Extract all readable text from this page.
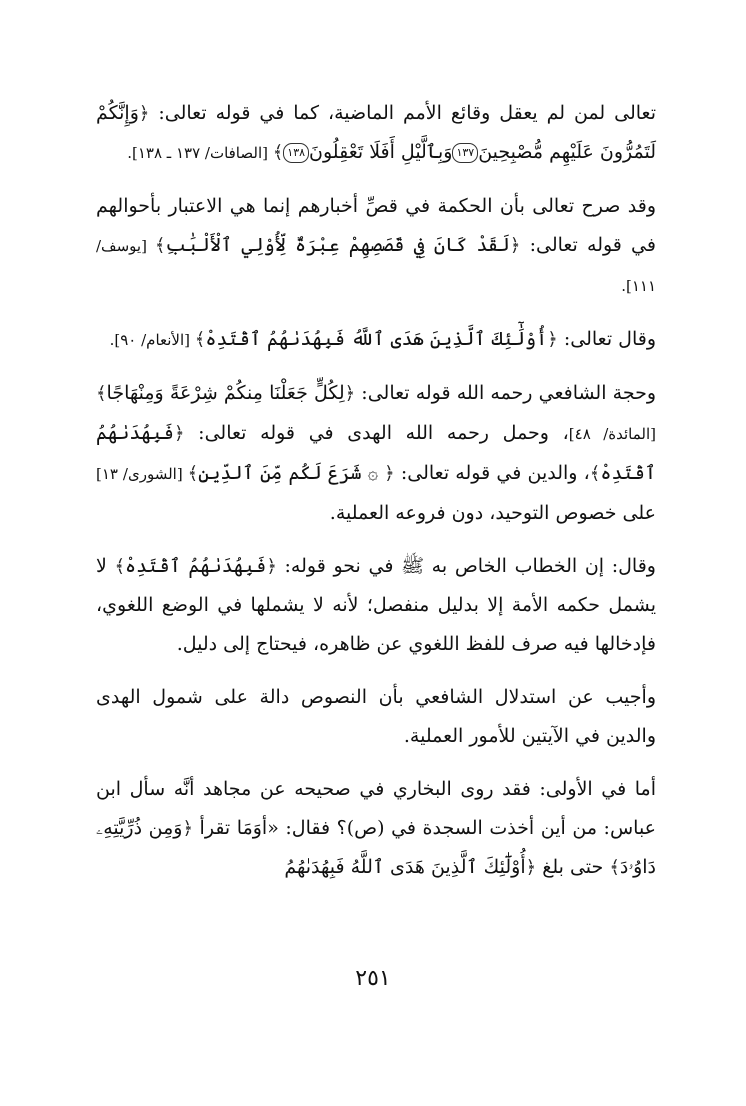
تعالى لمن لم يعقل وقائع الأمم الماضية، كما في قوله تعالى: ﴿وَإِنَّكُمْ لَتَمُرُّونَ عَلَيْهِم مُّصْبِحِينَ١٣٧وَبِٱلَّيْلِ أَفَلَا تَعْقِلُونَ١٣٨﴾ [الصافات/ ١٣٧ ـ ١٣٨].

وقد صرح تعالى بأن الحكمة في قصِّ أخبارهم إنما هي الاعتبار بأحوالهم في قوله تعالى: ﴿لَقَدْ كَانَ فِي قَصَصِهِمْ عِبْرَةٌ لِّأُوْلِي ٱلْأَلْبَٰبِ﴾ [يوسف/ ١١١].

وقال تعالى: ﴿أُوْلَٰٓئِكَ ٱلَّذِينَ هَدَى ٱللَّهُ فَبِهُدَىٰهُمُ ٱقْتَدِهْ﴾ [الأنعام/ ٩٠].

وحجة الشافعي رحمه الله قوله تعالى: ﴿لِكُلٍّ جَعَلْنَا مِنكُمْ شِرْعَةً وَمِنْهَاجًا﴾ [المائدة/ ٤٨]، وحمل رحمه الله الهدى في قوله تعالى: ﴿فَبِهُدَىٰهُمُ ٱقْتَدِهْ﴾، والدين في قوله تعالى: ﴿ ۞ شَرَعَ لَكُم مِّنَ ٱلدِّينِ﴾ [الشورى/ ١٣] على خصوص التوحيد، دون فروعه العملية.

وقال: إن الخطاب الخاص به ﷺ في نحو قوله: ﴿فَبِهُدَىٰهُمُ ٱقْتَدِهْ﴾ لا يشمل حكمه الأمة إلا بدليل منفصل؛ لأنه لا يشملها في الوضع اللغوي، فإدخالها فيه صرف للفظ اللغوي عن ظاهره، فيحتاج إلى دليل.

وأجيب عن استدلال الشافعي بأن النصوص دالة على شمول الهدى والدين في الآيتين للأمور العملية.

أما في الأولى: فقد روى البخاري في صحيحه عن مجاهد أنَّه سأل ابن عباس: من أين أخذت السجدة في (ص)؟ فقال: «أوَمَا تقرأ ﴿وَمِن ذُرِّيَّتِهِۦ دَاوُۥدَ﴾ حتى بلغ ﴿أُوْلَٰٓئِكَ ٱلَّذِينَ هَدَى ٱللَّهُ فَبِهُدَىٰهُمُ

٢٥١
